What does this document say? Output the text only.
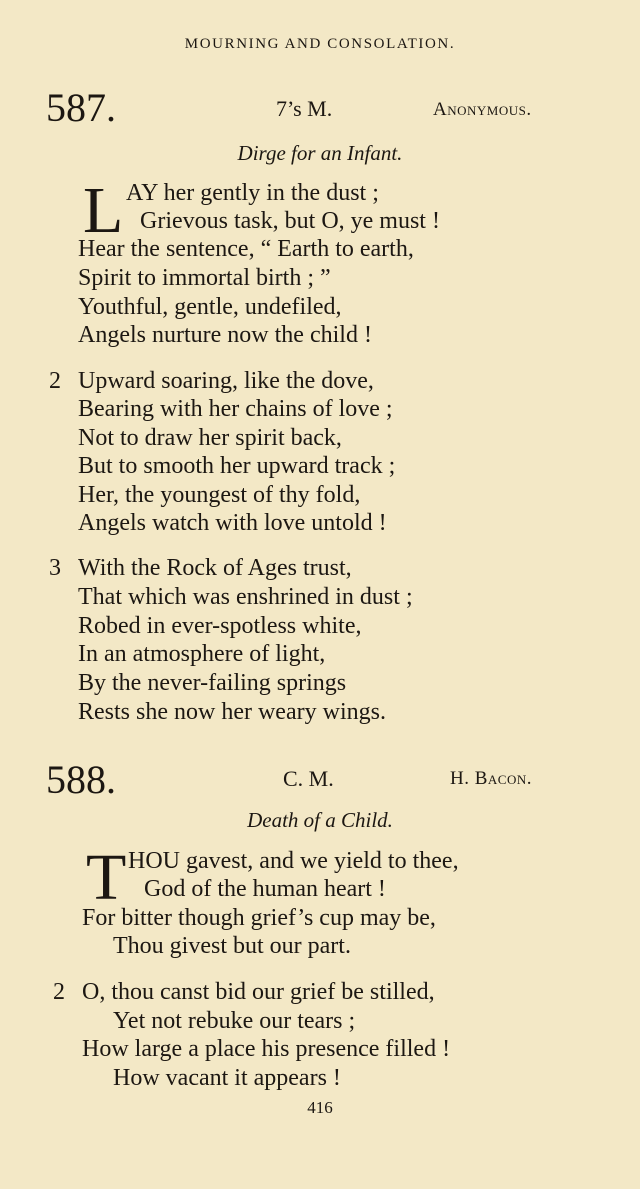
MOURNING AND CONSOLATION.
587.	7’s M.	Anonymous.
Dirge for an Infant.
L AY her gently in the dust ;
Grievous task, but O, ye must !
Hear the sentence, “ Earth to earth,
Spirit to immortal birth ; ”
Youthful, gentle, undefiled,
Angels nurture now the child !
2 Upward soaring, like the dove,
Bearing with her chains of love ;
Not to draw her spirit back,
But to smooth her upward track ;
Her, the youngest of thy fold,
Angels watch with love untold !
3 With the Rock of Ages trust,
That which was enshrined in dust ;
Robed in ever-spotless white,
In an atmosphere of light,
By the never-failing springs
Rests she now her weary wings.
588.	C. M.	H. Bacon.
Death of a Child.
T HOU gavest, and we yield to thee,
God of the human heart !
For bitter though grief’s cup may be,
Thou givest but our part.
2 O, thou canst bid our grief be stilled,
Yet not rebuke our tears ;
How large a place his presence filled !
How vacant it appears !
416
